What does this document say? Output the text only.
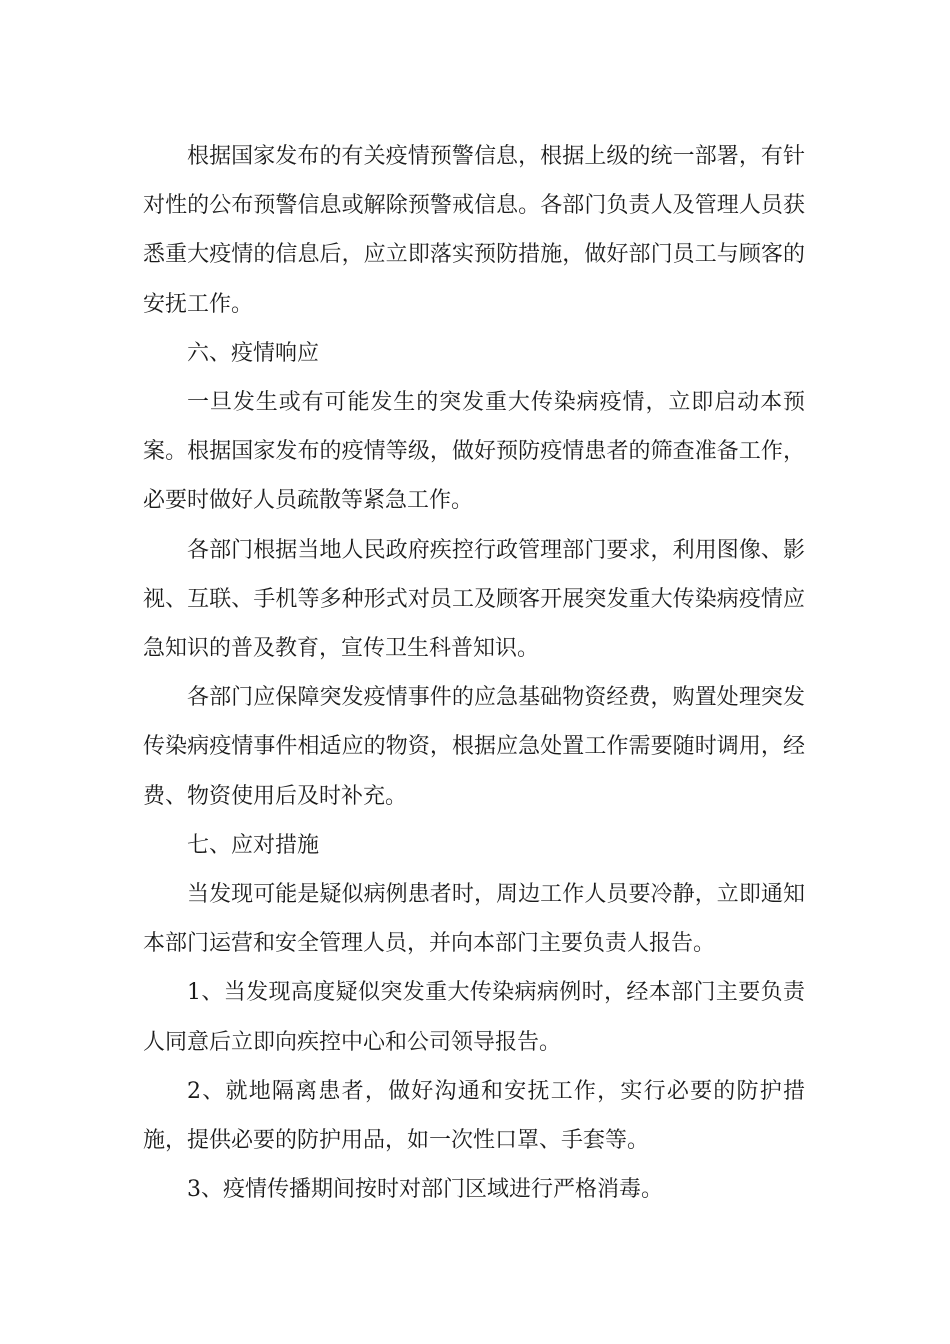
根据国家发布的有关疫情预警信息，根据上级的统一部署，有针对性的公布预警信息或解除预警戒信息。各部门负责人及管理人员获悉重大疫情的信息后，应立即落实预防措施，做好部门员工与顾客的安抚工作。

六、疫情响应

一旦发生或有可能发生的突发重大传染病疫情，立即启动本预案。根据国家发布的疫情等级，做好预防疫情患者的筛查准备工作，必要时做好人员疏散等紧急工作。

各部门根据当地人民政府疾控行政管理部门要求，利用图像、影视、互联、手机等多种形式对员工及顾客开展突发重大传染病疫情应急知识的普及教育，宣传卫生科普知识。

各部门应保障突发疫情事件的应急基础物资经费，购置处理突发传染病疫情事件相适应的物资，根据应急处置工作需要随时调用，经费、物资使用后及时补充。

七、应对措施

当发现可能是疑似病例患者时，周边工作人员要冷静，立即通知本部门运营和安全管理人员，并向本部门主要负责人报告。

1、当发现高度疑似突发重大传染病病例时，经本部门主要负责人同意后立即向疾控中心和公司领导报告。

2、就地隔离患者，做好沟通和安抚工作，实行必要的防护措施，提供必要的防护用品，如一次性口罩、手套等。

3、疫情传播期间按时对部门区域进行严格消毒。
